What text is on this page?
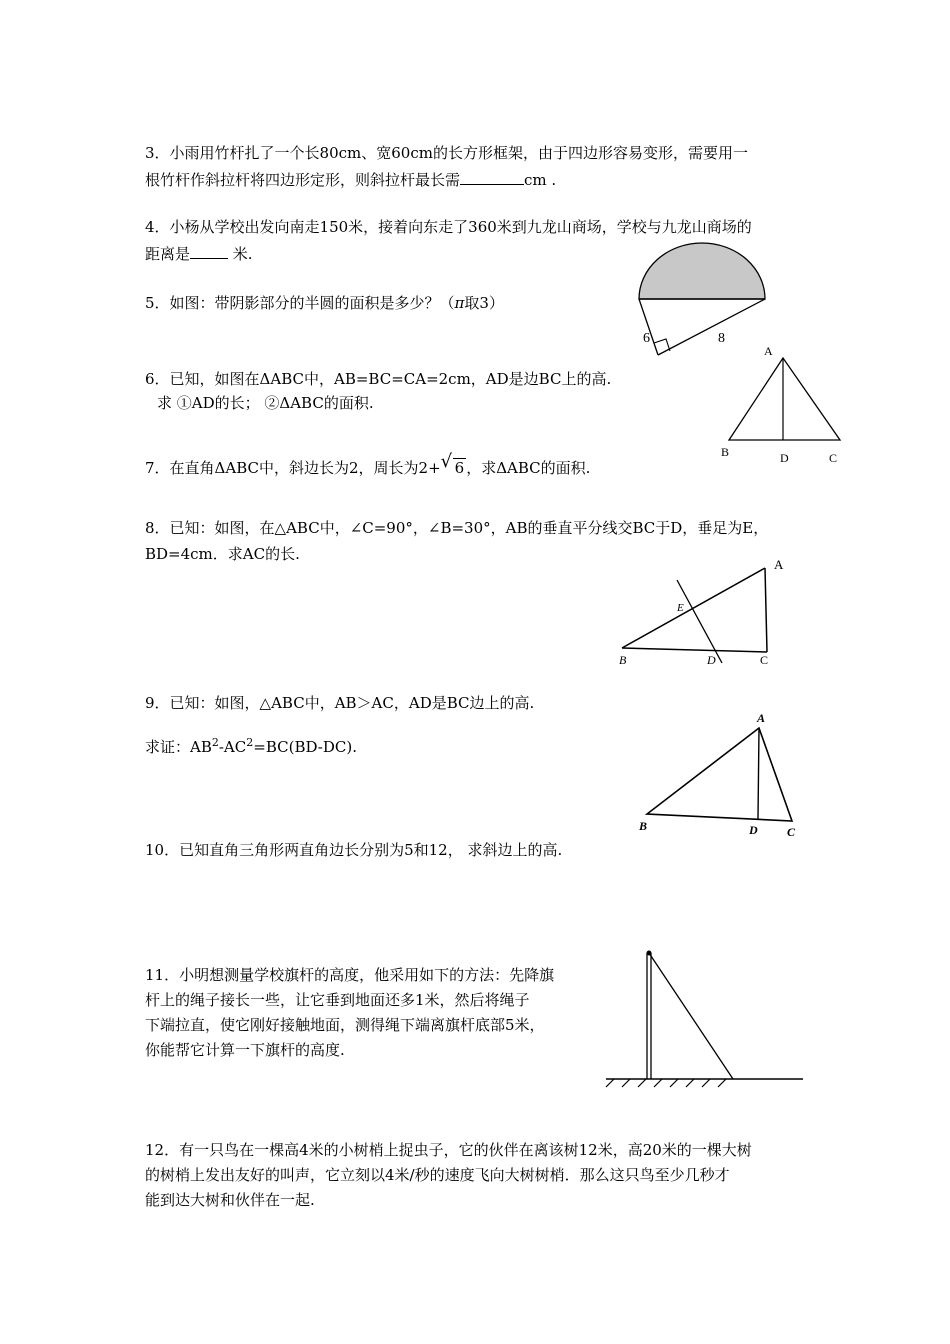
3．小雨用竹杆扎了一个长80cm、宽60cm的长方形框架，由于四边形容易变形，需要用一
根竹杆作斜拉杆将四边形定形，则斜拉杆最长需	cm .
4．小杨从学校出发向南走150米，接着向东走了360米到九龙山商场，学校与九龙山商场的
距离是	米.
5．如图：带阴影部分的半圆的面积是多少？（π取3）
6	8
6．已知，如图在ΔABC中，AB=BC=CA=2cm，AD是边BC上的高.
求 ①AD的长； ②ΔABC的面积.
A
B	D	C
7．在直角ΔABC中，斜边长为2，周长为2+ √ 6 ，求ΔABC的面积.
8．已知：如图，在△ABC中，∠C=90°，∠B=30°，AB的垂直平分线交BC于D，垂足为E，
BD=4cm．求AC的长.
B	D	C
A
E
9．已知：如图，△ABC中，AB＞AC，AD是BC边上的高.
求证：$AB^2-AC^2=BC(BD-DC)$.
A
B	D C
10．已知直角三角形两直角边长分别为5和12， 求斜边上的高.
11．小明想测量学校旗杆的高度，他采用如下的方法：先降旗
杆上的绳子接长一些，让它垂到地面还多1米，然后将绳子
下端拉直，使它刚好接触地面，测得绳下端离旗杆底部5米，
你能帮它计算一下旗杆的高度.
12．有一只鸟在一棵高4米的小树梢上捉虫子，它的伙伴在离该树12米，高20米的一棵大树
的树梢上发出友好的叫声，它立刻以4米/秒的速度飞向大树树梢．那么这只鸟至少几秒才
能到达大树和伙伴在一起.
